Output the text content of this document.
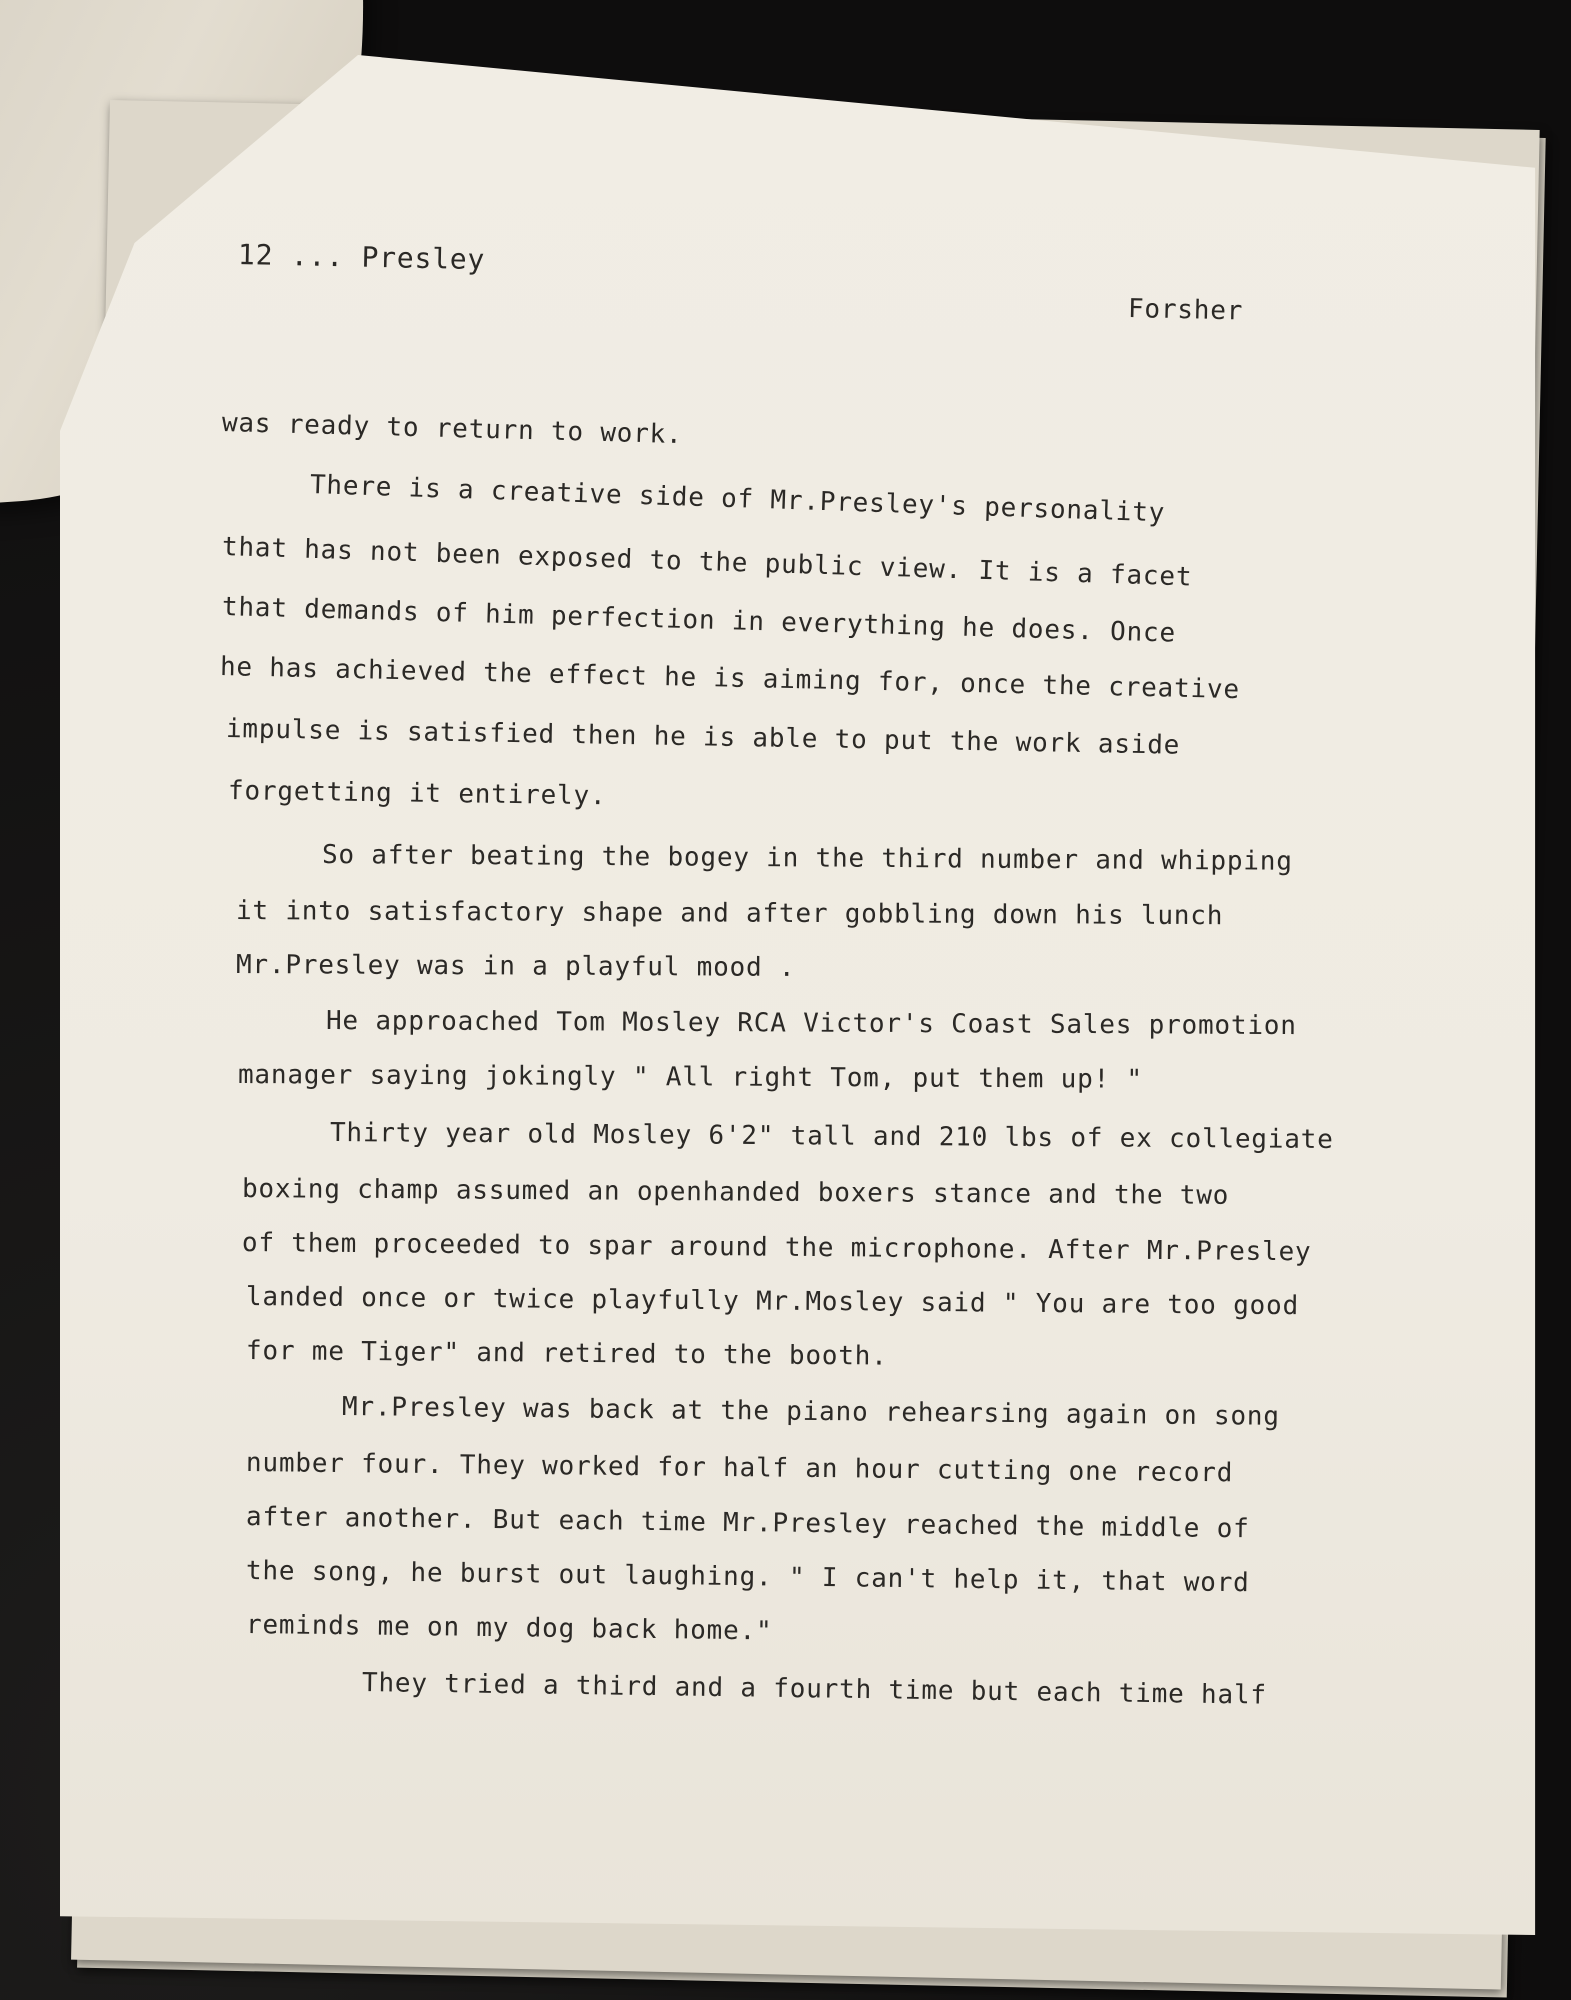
12 ... Presley
Forsher
was ready to return to work.
There is a creative side of Mr.Presley's personality
that has not been exposed to the public view. It is a facet
that demands of him perfection in everything he does. Once
he has achieved the effect he is aiming for, once the creative
impulse is satisfied then he is able to put the work aside
forgetting it entirely.
So after beating the bogey in the third number and whipping
it into satisfactory shape and after gobbling down his lunch
Mr.Presley was in a playful mood .
He approached Tom Mosley RCA Victor's Coast Sales promotion
manager saying jokingly " All right Tom, put them up! "
Thirty year old Mosley 6'2" tall and 210 lbs of ex collegiate
boxing champ assumed an openhanded boxers stance and the two
of them proceeded to spar around the microphone. After Mr.Presley
landed once or twice playfully Mr.Mosley said " You are too good
for me Tiger" and retired to the booth.
Mr.Presley was back at the piano rehearsing again on song
number four. They worked for half an hour cutting one record
after another. But each time Mr.Presley reached the middle of
the song, he burst out laughing. " I can't help it, that word
reminds me on my dog back home."
They tried a third and a fourth time but each time half
